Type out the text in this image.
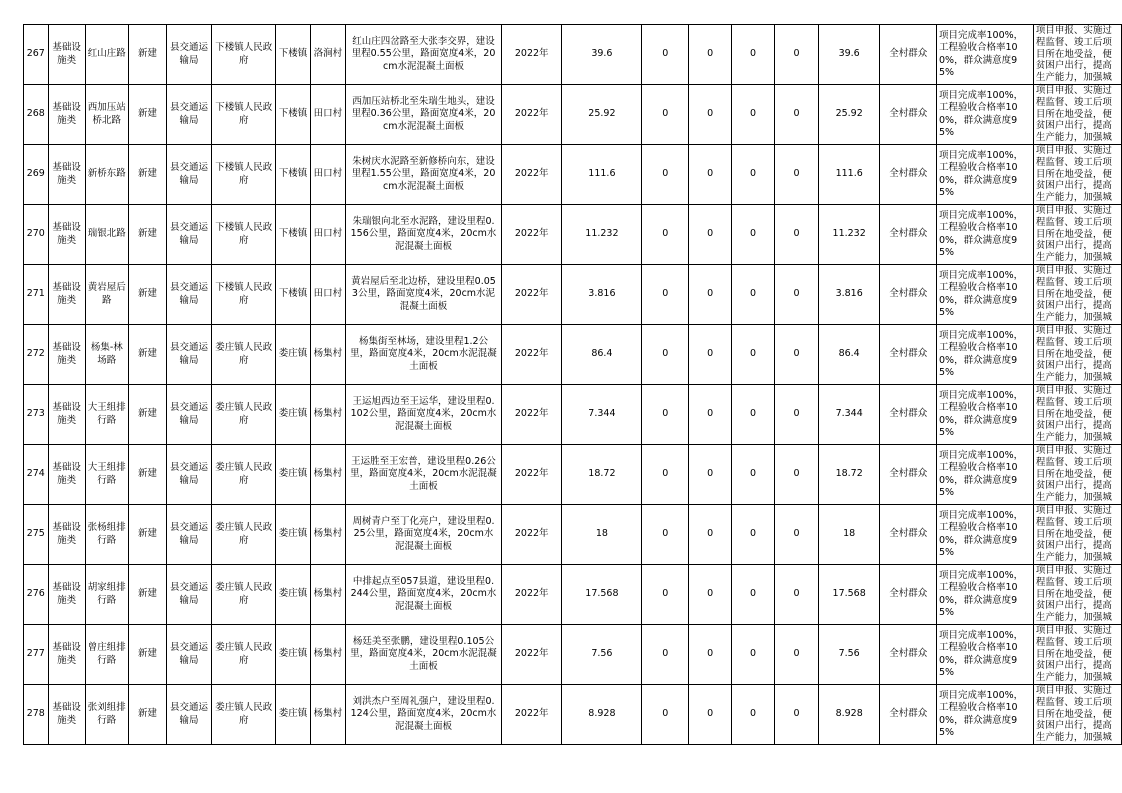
267	基础设施类	红山庄路	新建	县交通运输局	下楼镇人民政府	下楼镇	洛涧村	红山庄四岔路至大张李交界，建设里程0.55公里，路面宽度4米，20cm水泥混凝土面板	2022年	39.6	0	0	0	0	39.6	全村群众	项目完成率100%，工程验收合格率100%，群众满意度95%	项目申报、实施过程监督、竣工后项目所在地受益，便贫困户出行，提高生产能力，加强城

268	基础设施类	西加压站桥北路	新建	县交通运输局	下楼镇人民政府	下楼镇	田口村	西加压站桥北至朱瑞生地头，建设里程0.36公里，路面宽度4米，20cm水泥混凝土面板	2022年	25.92	0	0	0	0	25.92	全村群众	项目完成率100%，工程验收合格率100%，群众满意度95%	项目申报、实施过程监督、竣工后项目所在地受益，便贫困户出行，提高生产能力，加强城

269	基础设施类	新桥东路	新建	县交通运输局	下楼镇人民政府	下楼镇	田口村	朱树庆水泥路至新修桥向东，建设里程1.55公里，路面宽度4米，20cm水泥混凝土面板	2022年	111.6	0	0	0	0	111.6	全村群众	项目完成率100%，工程验收合格率100%，群众满意度95%	项目申报、实施过程监督、竣工后项目所在地受益，便贫困户出行，提高生产能力，加强城

270	基础设施类	瑞银北路	新建	县交通运输局	下楼镇人民政府	下楼镇	田口村	朱瑞银向北至水泥路，建设里程0.156公里，路面宽度4米，20cm水泥混凝土面板	2022年	11.232	0	0	0	0	11.232	全村群众	项目完成率100%，工程验收合格率100%，群众满意度95%	项目申报、实施过程监督、竣工后项目所在地受益，便贫困户出行，提高生产能力，加强城

271	基础设施类	黄岩屋后路	新建	县交通运输局	下楼镇人民政府	下楼镇	田口村	黄岩屋后至北边桥，建设里程0.053公里，路面宽度4米，20cm水泥混凝土面板	2022年	3.816	0	0	0	0	3.816	全村群众	项目完成率100%，工程验收合格率100%，群众满意度95%	项目申报、实施过程监督、竣工后项目所在地受益，便贫困户出行，提高生产能力，加强城

272	基础设施类	杨集-林场路	新建	县交通运输局	娄庄镇人民政府	娄庄镇	杨集村	杨集街至林场，建设里程1.2公里，路面宽度4米，20cm水泥混凝土面板	2022年	86.4	0	0	0	0	86.4	全村群众	项目完成率100%，工程验收合格率100%，群众满意度95%	项目申报、实施过程监督、竣工后项目所在地受益，便贫困户出行，提高生产能力，加强城

273	基础设施类	大王组排行路	新建	县交通运输局	娄庄镇人民政府	娄庄镇	杨集村	王运旭西边至王运华，建设里程0.102公里，路面宽度4米，20cm水泥混凝土面板	2022年	7.344	0	0	0	0	7.344	全村群众	项目完成率100%，工程验收合格率100%，群众满意度95%	项目申报、实施过程监督、竣工后项目所在地受益，便贫困户出行，提高生产能力，加强城

274	基础设施类	大王组排行路	新建	县交通运输局	娄庄镇人民政府	娄庄镇	杨集村	王运胜至王宏普，建设里程0.26公里，路面宽度4米，20cm水泥混凝土面板	2022年	18.72	0	0	0	0	18.72	全村群众	项目完成率100%，工程验收合格率100%，群众满意度95%	项目申报、实施过程监督、竣工后项目所在地受益，便贫困户出行，提高生产能力，加强城

275	基础设施类	张杨组排行路	新建	县交通运输局	娄庄镇人民政府	娄庄镇	杨集村	周树青户至丁化亮户，建设里程0.25公里，路面宽度4米，20cm水泥混凝土面板	2022年	18	0	0	0	0	18	全村群众	项目完成率100%，工程验收合格率100%，群众满意度95%	项目申报、实施过程监督、竣工后项目所在地受益，便贫困户出行，提高生产能力，加强城

276	基础设施类	胡家组排行路	新建	县交通运输局	娄庄镇人民政府	娄庄镇	杨集村	中排起点至057县道，建设里程0.244公里，路面宽度4米，20cm水泥混凝土面板	2022年	17.568	0	0	0	0	17.568	全村群众	项目完成率100%，工程验收合格率100%，群众满意度95%	项目申报、实施过程监督、竣工后项目所在地受益，便贫困户出行，提高生产能力，加强城

277	基础设施类	曾庄组排行路	新建	县交通运输局	娄庄镇人民政府	娄庄镇	杨集村	杨廷美至张鹏，建设里程0.105公里，路面宽度4米，20cm水泥混凝土面板	2022年	7.56	0	0	0	0	7.56	全村群众	项目完成率100%，工程验收合格率100%，群众满意度95%	项目申报、实施过程监督、竣工后项目所在地受益，便贫困户出行，提高生产能力，加强城

278	基础设施类	张刘组排行路	新建	县交通运输局	娄庄镇人民政府	娄庄镇	杨集村	刘洪杰户至周礼强户，建设里程0.124公里，路面宽度4米，20cm水泥混凝土面板	2022年	8.928	0	0	0	0	8.928	全村群众	项目完成率100%，工程验收合格率100%，群众满意度95%	项目申报、实施过程监督、竣工后项目所在地受益，便贫困户出行，提高生产能力，加强城
